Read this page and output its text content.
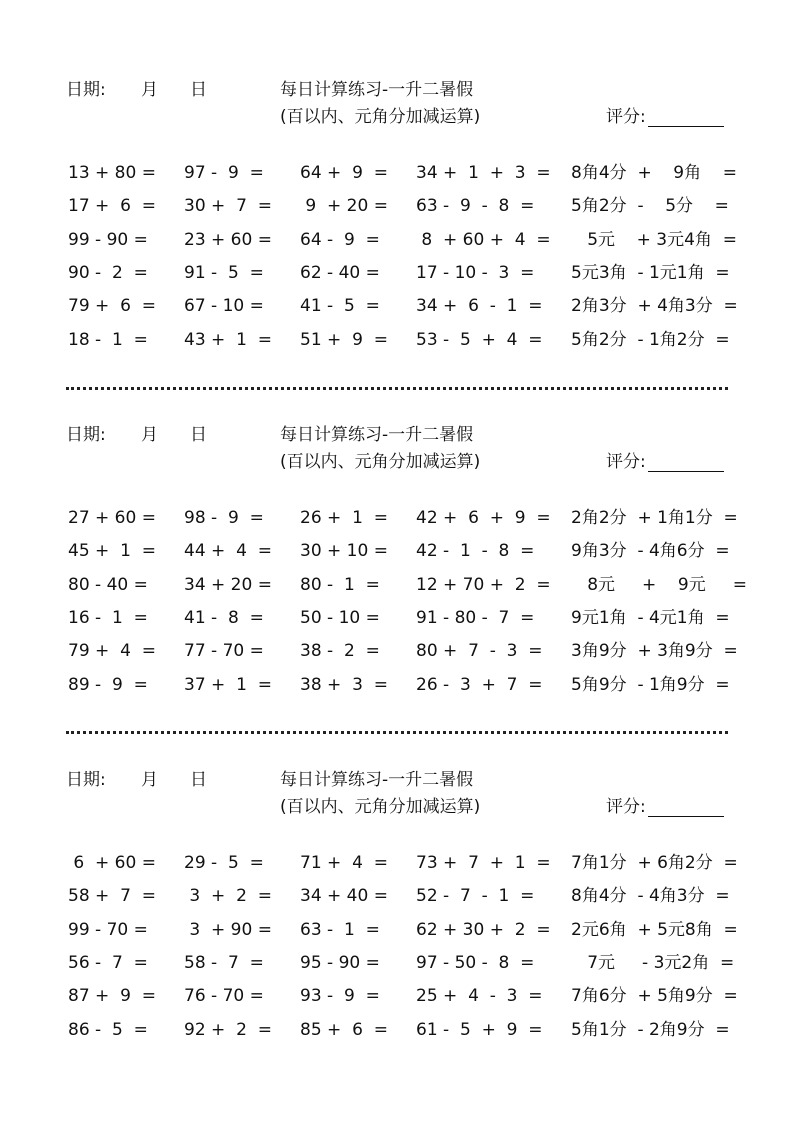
日期: 月 日	每日计算练习-一升二暑假
(百以内、元角分加减运算)	评分:
13 + 80 = 97 -  9  = 64 +  9  = 34 +  1  +  3  = 8角4分  +    9角    =
17 +  6  = 30 +  7  = 9  + 20 = 63 -  9  -  8  = 5角2分  -    5分    =
99 - 90 = 23 + 60 = 64 -  9  = 8  + 60 +  4  = 5元    + 3元4角  =
90 -  2  = 91 -  5  = 62 - 40 = 17 - 10 -  3  = 5元3角  - 1元1角  =
79 +  6  = 67 - 10 = 41 -  5  = 34 +  6  -  1  = 2角3分  + 4角3分  =
18 -  1  = 43 +  1  = 51 +  9  = 53 -  5  +  4  = 5角2分  - 1角2分  =
日期: 月 日	每日计算练习-一升二暑假
(百以内、元角分加减运算)	评分:
27 + 60 = 98 -  9  = 26 +  1  = 42 +  6  +  9  = 2角2分  + 1角1分  =
45 +  1  = 44 +  4  = 30 + 10 = 42 -  1  -  8  = 9角3分  - 4角6分  =
80 - 40 = 34 + 20 = 80 -  1  = 12 + 70 +  2  = 8元     +    9元     =
16 -  1  = 41 -  8  = 50 - 10 = 91 - 80 -  7  = 9元1角  - 4元1角  =
79 +  4  = 77 - 70 = 38 -  2  = 80 +  7  -  3  = 3角9分  + 3角9分  =
89 -  9  = 37 +  1  = 38 +  3  = 26 -  3  +  7  = 5角9分  - 1角9分  =
日期: 月 日	每日计算练习-一升二暑假
(百以内、元角分加减运算)	评分:
6  + 60 = 29 -  5  = 71 +  4  = 73 +  7  +  1  = 7角1分  + 6角2分  =
58 +  7  = 3  +  2  = 34 + 40 = 52 -  7  -  1  = 8角4分  - 4角3分  =
99 - 70 = 3  + 90 = 63 -  1  = 62 + 30 +  2  = 2元6角  + 5元8角  =
56 -  7  = 58 -  7  = 95 - 90 = 97 - 50 -  8  = 7元     - 3元2角  =
87 +  9  = 76 - 70 = 93 -  9  = 25 +  4  -  3  = 7角6分  + 5角9分  =
86 -  5  = 92 +  2  = 85 +  6  = 61 -  5  +  9  = 5角1分  - 2角9分  =
